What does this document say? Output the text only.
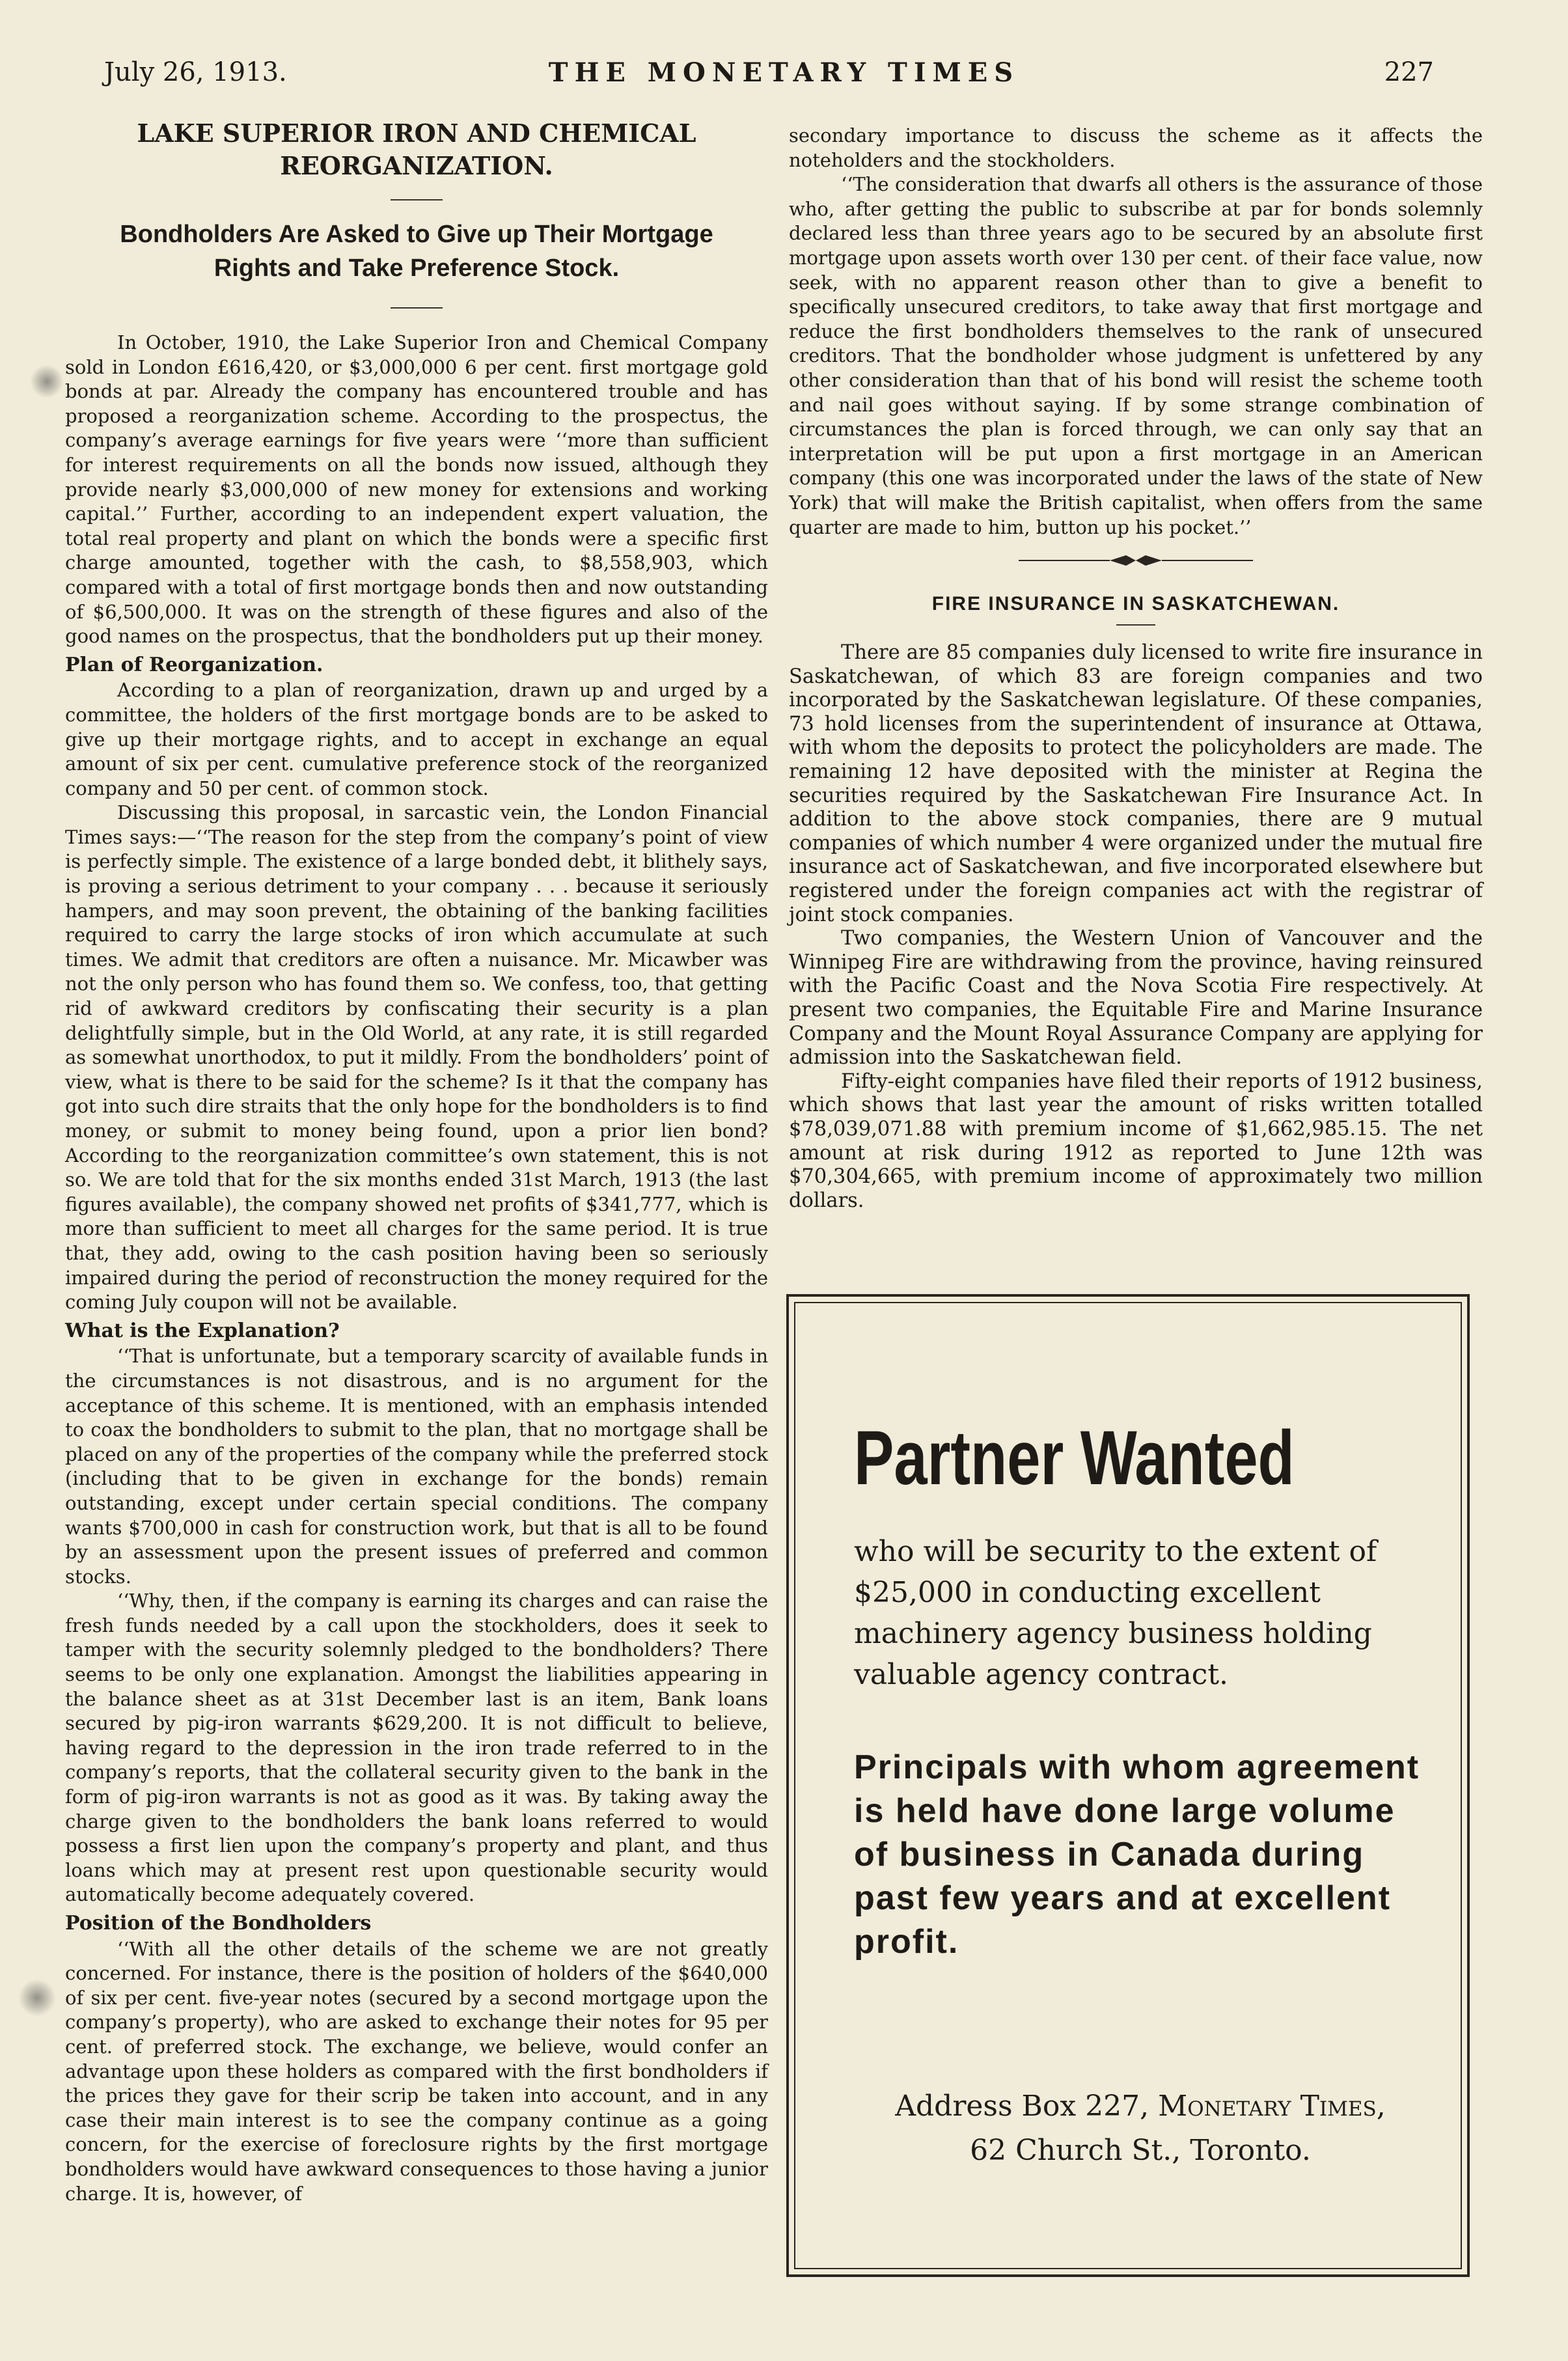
THE MONETARY TIMES
July 26, 1913.	227
LAKE SUPERIOR IRON AND CHEMICAL REORGANIZATION.
Bondholders Are Asked to Give up Their Mortgage Rights and Take Preference Stock.

In October, 1910, the Lake Superior Iron and Chemical Company sold in London £616,420, or $3,000,000 6 per cent. first mortgage gold bonds at par. Already the company has encountered trouble and has proposed a reorganization scheme. According to the prospectus, the company’s average earnings for five years were ‘‘more than sufficient for interest requirements on all the bonds now issued, although they provide nearly $3,000,000 of new money for extensions and working capital.’’ Further, according to an independent expert valuation, the total real property and plant on which the bonds were a specific first charge amounted, together with the cash, to $8,558,903, which compared with a total of first mortgage bonds then and now outstanding of $6,500,000. It was on the strength of these figures and also of the good names on the prospectus, that the bondholders put up their money.

Plan of Reorganization.

According to a plan of reorganization, drawn up and urged by a committee, the holders of the first mortgage bonds are to be asked to give up their mortgage rights, and to accept in exchange an equal amount of six per cent. cumulative preference stock of the reorganized company and 50 per cent. of common stock.

Discussing this proposal, in sarcastic vein, the London Financial Times says:—‘‘The reason for the step from the company’s point of view is perfectly simple. The existence of a large bonded debt, it blithely says, is proving a serious detriment to your company . . . because it seriously hampers, and may soon prevent, the obtaining of the banking facilities required to carry the large stocks of iron which accumulate at such times. We admit that creditors are often a nuisance. Mr. Micawber was not the only person who has found them so. We confess, too, that getting rid of awkward creditors by confiscating their security is a plan delightfully simple, but in the Old World, at any rate, it is still regarded as somewhat unorthodox, to put it mildly. From the bondholders’ point of view, what is there to be said for the scheme? Is it that the company has got into such dire straits that the only hope for the bondholders is to find money, or submit to money being found, upon a prior lien bond? According to the reorganization committee’s own statement, this is not so. We are told that for the six months ended 31st March, 1913 (the last figures available), the company showed net profits of $341,777, which is more than sufficient to meet all charges for the same period. It is true that, they add, owing to the cash position having been so seriously impaired during the period of reconstruction the money required for the coming July coupon will not be available.

What is the Explanation?

‘‘That is unfortunate, but a temporary scarcity of available funds in the circumstances is not disastrous, and is no argument for the acceptance of this scheme. It is mentioned, with an emphasis intended to coax the bondholders to submit to the plan, that no mortgage shall be placed on any of the properties of the company while the preferred stock (including that to be given in exchange for the bonds) remain outstanding, except under certain special conditions. The company wants $700,000 in cash for construction work, but that is all to be found by an assessment upon the present issues of preferred and common stocks.

‘‘Why, then, if the company is earning its charges and can raise the fresh funds needed by a call upon the stockholders, does it seek to tamper with the security solemnly pledged to the bondholders? There seems to be only one explanation. Amongst the liabilities appearing in the balance sheet as at 31st December last is an item, Bank loans secured by pig-iron warrants $629,200. It is not difficult to believe, having regard to the depression in the iron trade referred to in the company’s reports, that the collateral security given to the bank in the form of pig-iron warrants is not as good as it was. By taking away the charge given to the bondholders the bank loans referred to would possess a first lien upon the company’s property and plant, and thus loans which may at present rest upon questionable security would automatically become adequately covered.

Position of the Bondholders

‘‘With all the other details of the scheme we are not greatly concerned. For instance, there is the position of holders of the $640,000 of six per cent. five-year notes (secured by a second mortgage upon the company’s property), who are asked to exchange their notes for 95 per cent. of preferred stock. The exchange, we believe, would confer an advantage upon these holders as compared with the first bondholders if the prices they gave for their scrip be taken into account, and in any case their main interest is to see the company continue as a going concern, for the exercise of foreclosure rights by the first mortgage bondholders would have awkward consequences to those having a junior charge. It is, however, of

secondary importance to discuss the scheme as it affects the noteholders and the stockholders.

‘‘The consideration that dwarfs all others is the assurance of those who, after getting the public to subscribe at par for bonds solemnly declared less than three years ago to be secured by an absolute first mortgage upon assets worth over 130 per cent. of their face value, now seek, with no apparent reason other than to give a benefit to specifically unsecured creditors, to take away that first mortgage and reduce the first bondholders themselves to the rank of unsecured creditors. That the bondholder whose judgment is unfettered by any other consideration than that of his bond will resist the scheme tooth and nail goes without saying. If by some strange combination of circumstances the plan is forced through, we can only say that an interpretation will be put upon a first mortgage in an American company (this one was incorporated under the laws of the state of New York) that will make the British capitalist, when offers from the same quarter are made to him, button up his pocket.’’

FIRE INSURANCE IN SASKATCHEWAN.

There are 85 companies duly licensed to write fire insurance in Saskatchewan, of which 83 are foreign companies and two incorporated by the Saskatchewan legislature. Of these companies, 73 hold licenses from the superintendent of insurance at Ottawa, with whom the deposits to protect the policyholders are made. The remaining 12 have deposited with the minister at Regina the securities required by the Saskatchewan Fire Insurance Act. In addition to the above stock companies, there are 9 mutual companies of which number 4 were organized under the mutual fire insurance act of Saskatchewan, and five incorporated elsewhere but registered under the foreign companies act with the registrar of joint stock companies.

Two companies, the Western Union of Vancouver and the Winnipeg Fire are withdrawing from the province, having reinsured with the Pacific Coast and the Nova Scotia Fire respectively. At present two companies, the Equitable Fire and Marine Insurance Company and the Mount Royal Assurance Company are applying for admission into the Saskatchewan field.

Fifty-eight companies have filed their reports of 1912 business, which shows that last year the amount of risks written totalled $78,039,071.88 with premium income of $1,662,985.15. The net amount at risk during 1912 as reported to June 12th was $70,304,665, with premium income of approximately two million dollars.

Partner Wanted
who will be security to the extent of $25,000 in conducting excellent machinery agency business holding valuable agency contract.
Principals with whom agreement is held have done large volume of business in Canada during past few years and at excellent profit.
Address Box 227, Monetary Times,
62 Church St., Toronto.
